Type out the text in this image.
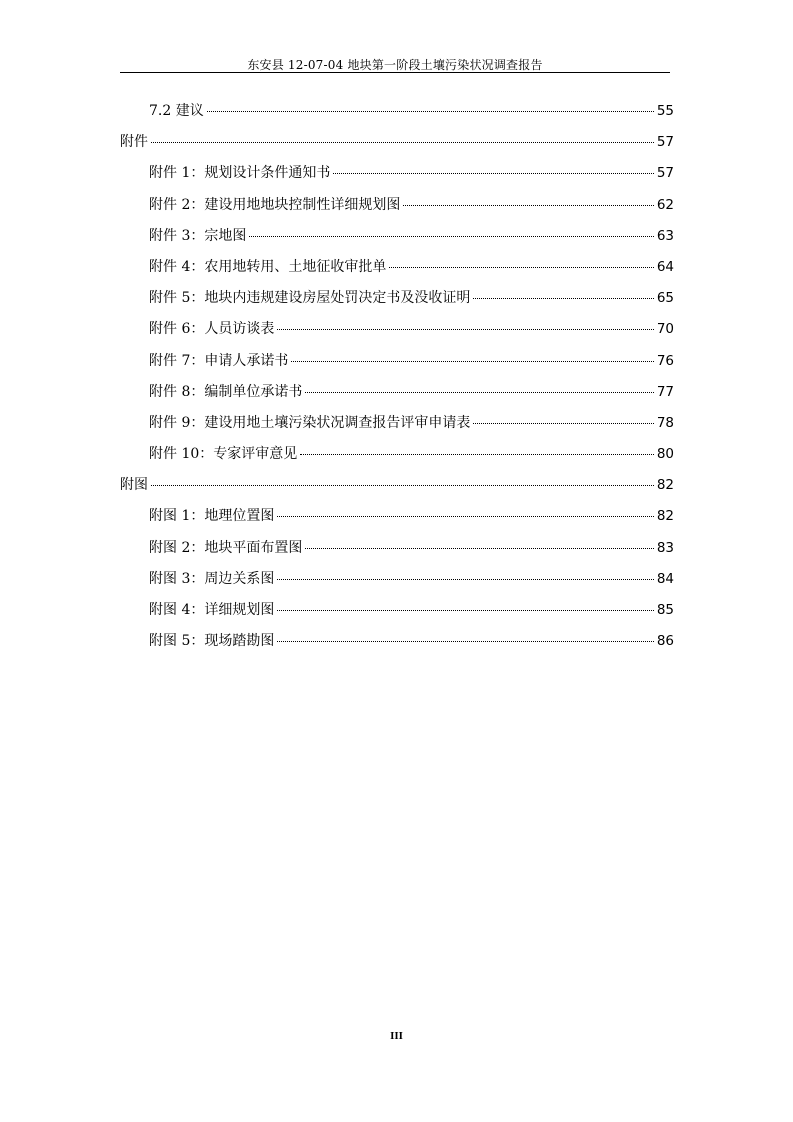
东安县 12-07-04 地块第一阶段土壤污染状况调查报告
7.2 建议	55
附件	57
附件 1：规划设计条件通知书	57
附件 2：建设用地地块控制性详细规划图	62
附件 3：宗地图	63
附件 4：农用地转用、土地征收审批单	64
附件 5：地块内违规建设房屋处罚决定书及没收证明	65
附件 6：人员访谈表	70
附件 7：申请人承诺书	76
附件 8：编制单位承诺书	77
附件 9：建设用地土壤污染状况调查报告评审申请表	78
附件 10：专家评审意见	80
附图	82
附图 1：地理位置图	82
附图 2：地块平面布置图	83
附图 3：周边关系图	84
附图 4：详细规划图	85
附图 5：现场踏勘图	86
III
